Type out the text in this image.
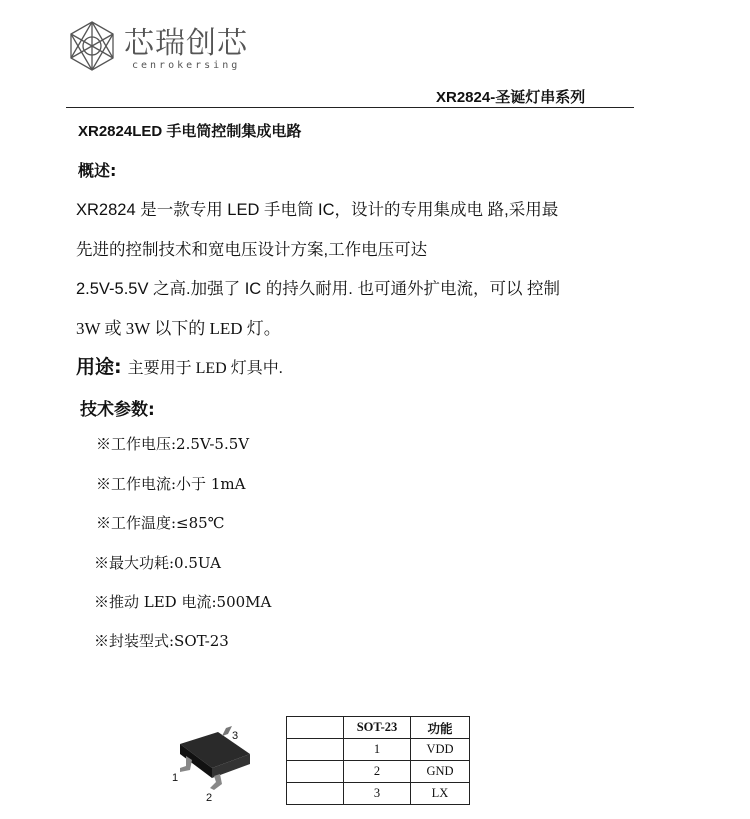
芯瑞创芯
cenrokersing
XR2824-圣诞灯串系列
XR2824LED 手电筒控制集成电路
概述:
XR2824 是一款专用 LED 手电筒 IC，设计的专用集成电 路,采用最
先进的控制技术和宽电压设计方案,工作电压可达
2.5V-5.5V 之高.加强了 IC 的持久耐用. 也可通外扩电流，可以 控制
3W 或 3W 以下的 LED 灯。
用途: 主要用于 LED 灯具中.
技术参数:
※工作电压:2.5V-5.5V
※工作电流:小于 1mA
※工作温度:≤85℃
※最大功耗:0.5UA
※推动 LED 电流:500MA
※封装型式:SOT-23
1
2
3
	SOT-23	功能
	1	VDD
	2	GND
	3	LX
